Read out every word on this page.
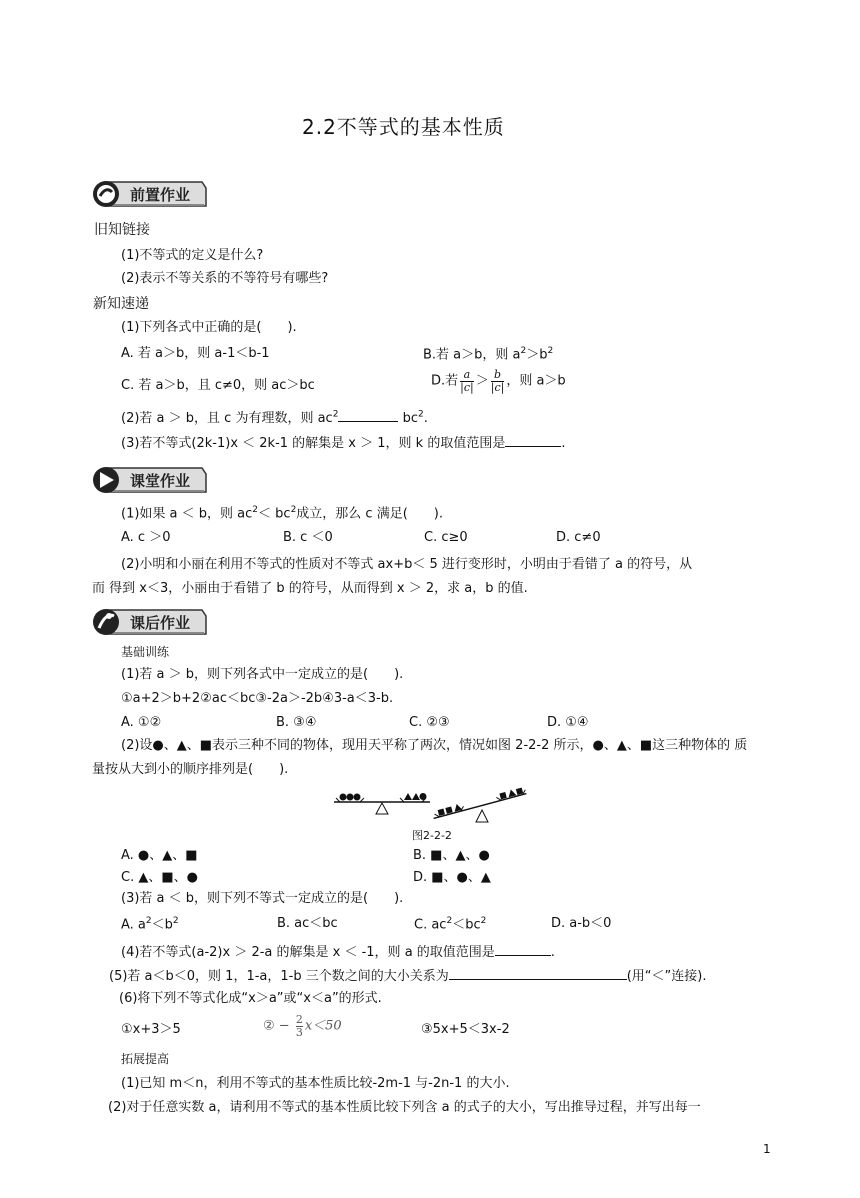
2.2不等式的基本性质
前置作业
旧知链接
(1)不等式的定义是什么?
(2)表示不等关系的不等符号有哪些?
新知速递
(1)下列各式中正确的是(　　).
A. 若 a＞b，则 a-1＜b-1	B.若 a＞b，则 $a^2>b^2$
C. 若 a＞b，且 c≠0，则 ac＞bc	D.若 $\frac{a}{|c|} > \frac{b}{|c|}$ ，则 a＞b
(2)若 a ＞ b，且 c 为有理数，则 $ac^2$	$bc^2$.
(3)若不等式(2k-1)x ＜ 2k-1 的解集是 x ＞ 1，则 k 的取值范围是	.
课堂作业
(1)如果 a ＜ b，则 $ac^2< bc^2$成立，那么 c 满足(　　).
A. c ＞0	B. c ＜0	C. c≥0	D. c≠0
(2)小明和小丽在利用不等式的性质对不等式 ax+b＜ 5 进行变形时，小明由于看错了 a 的符号，从
而 得到 x＜3，小丽由于看错了 b 的符号，从而得到 x ＞ 2，求 a，b 的值.
课后作业
基础训练
(1)若 a ＞ b，则下列各式中一定成立的是(　　).
①a+2＞b+2②ac＜bc③-2a＞-2b④3-a＜3-b.
A. ①②	B. ③④	C. ②③	D. ①④
(2)设●、▲、■表示三种不同的物体，现用天平称了两次，情况如图 2-2-2 所示，●、▲、■这三种物体的 质
量按从大到小的顺序排列是(　　).
图2-2-2
A. ●、▲、■	B. ■、▲、●
C. ▲、■、●	D. ■、●、▲
(3)若 a ＜ b，则下列不等式一定成立的是(　　).
A. $a^2<b^2$	B. ac＜bc	C. $ac^2<bc^2$	D. a-b＜0
(4)若不等式(a-2)x ＞ 2-a 的解集是 x ＜ -1，则 a 的取值范围是	.
(5)若 a＜b＜0，则 1，1-a，1-b 三个数之间的大小关系为	(用“＜”连接).
(6)将下列不等式化成“x＞a”或“x＜a”的形式.
①x+3＞5	② − $\frac{2}{3} x<50$	③5x+5＜3x-2
拓展提高
(1)已知 m＜n，利用不等式的基本性质比较-2m-1 与-2n-1 的大小.
(2)对于任意实数 a，请利用不等式的基本性质比较下列含 a 的式子的大小，写出推导过程，并写出每一
1
